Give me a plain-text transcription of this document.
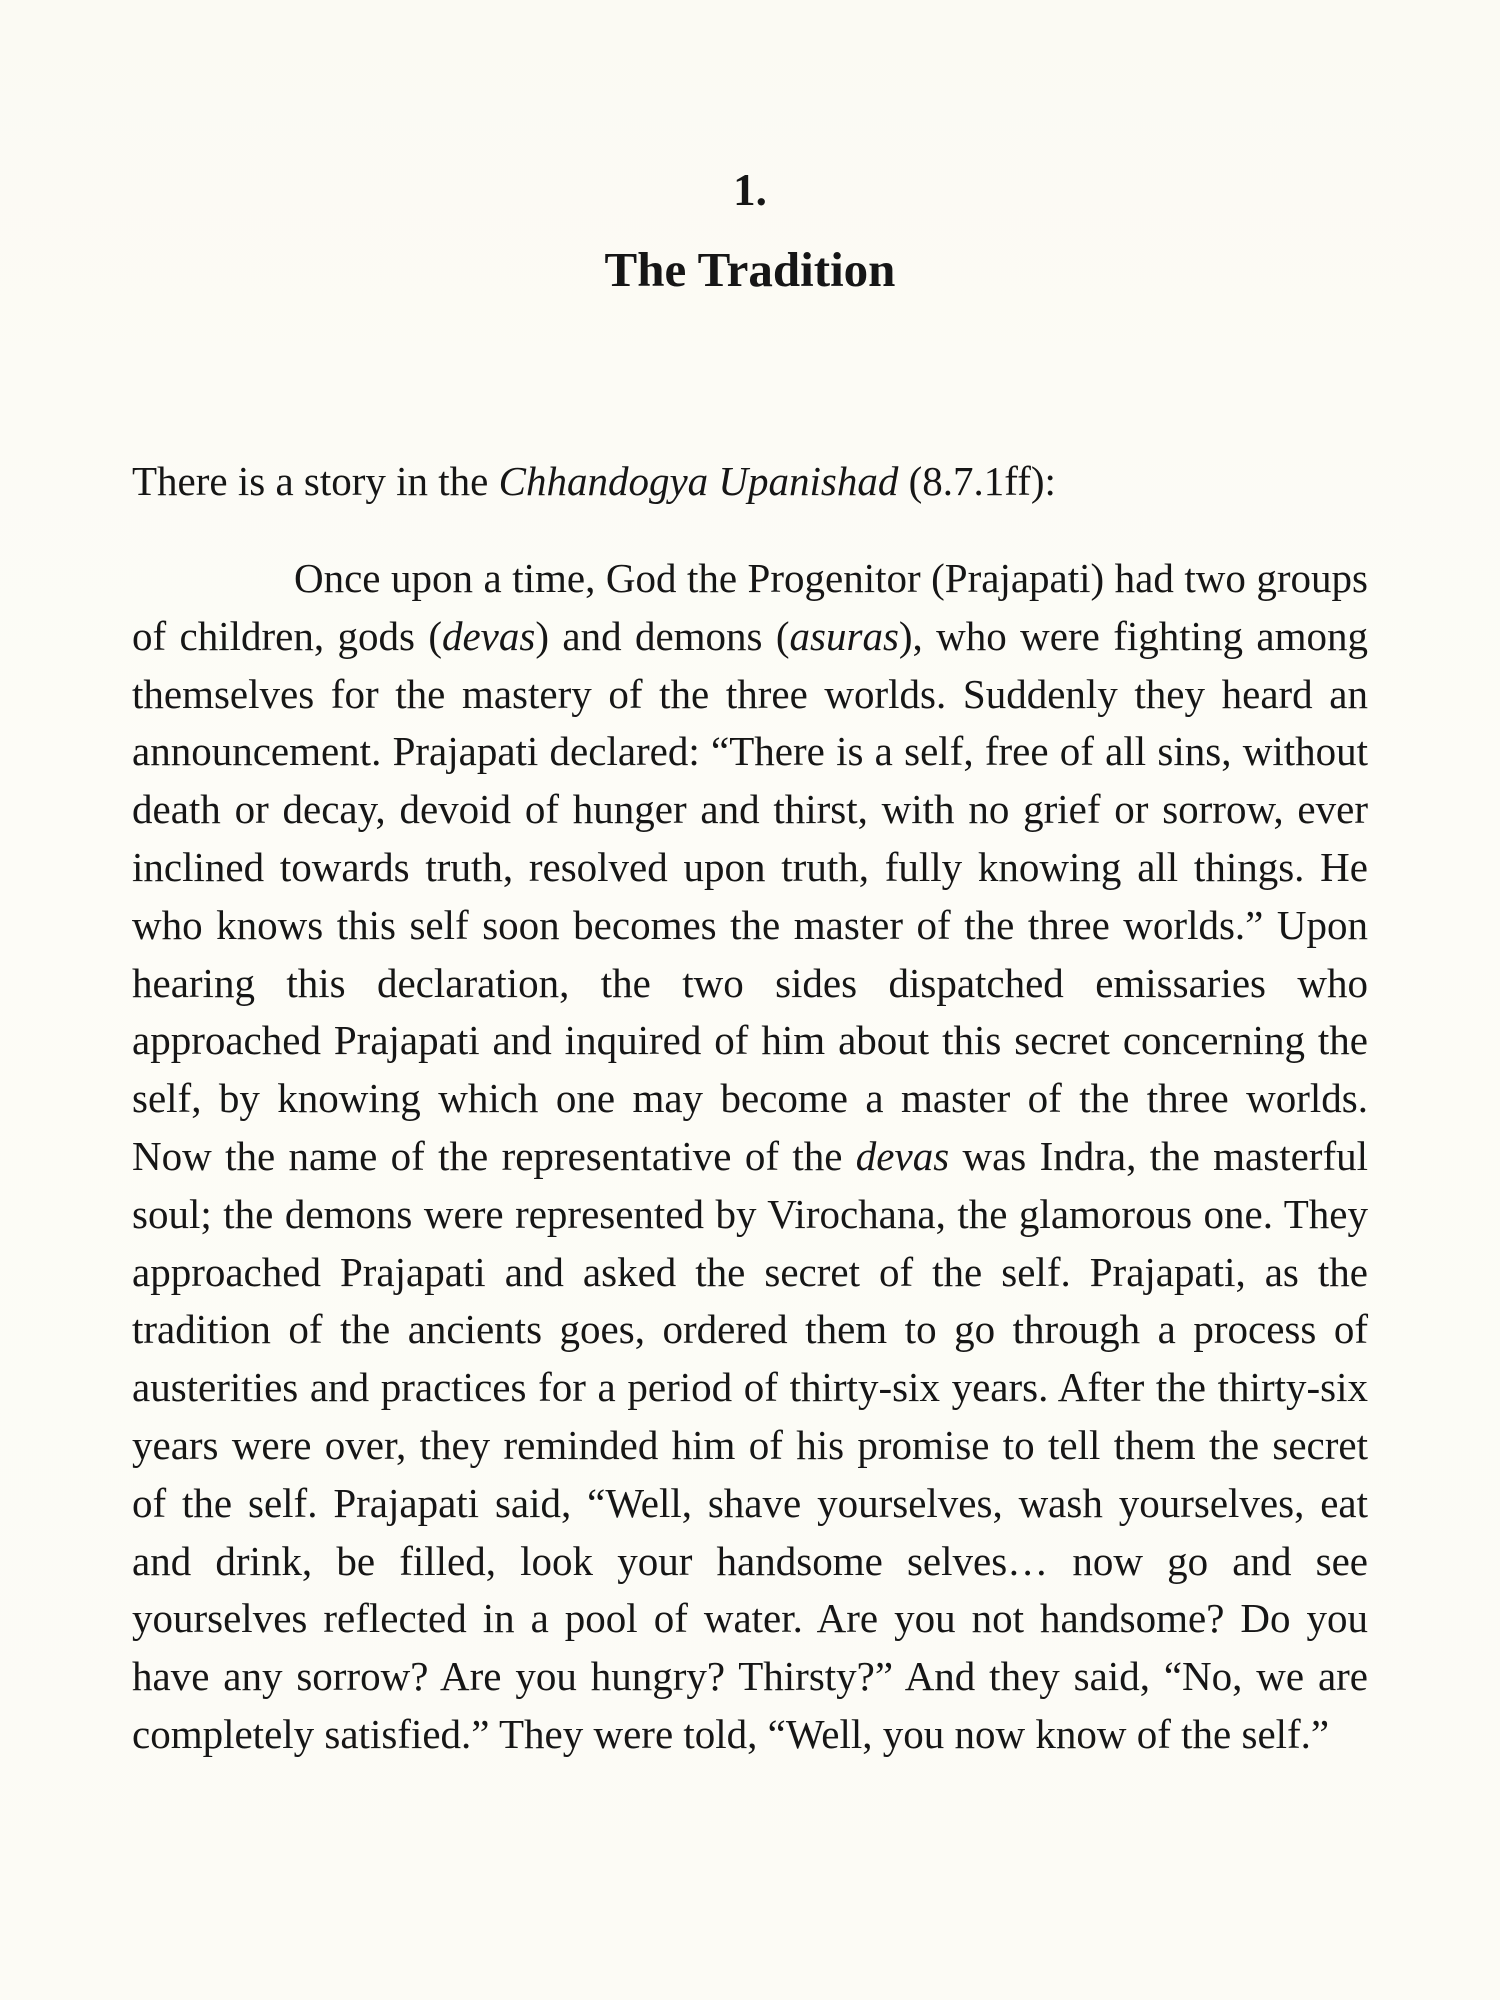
1.
The Tradition

There is a story in the Chhandogya Upanishad (8.7.1ff):

Once upon a time, God the Progenitor (Prajapati) had two groups of children, gods (devas) and demons (asuras), who were fighting among themselves for the mastery of the three worlds. Suddenly they heard an announcement. Prajapati declared: “There is a self, free of all sins, without death or decay, devoid of hunger and thirst, with no grief or sorrow, ever inclined towards truth, resolved upon truth, fully knowing all things. He who knows this self soon becomes the master of the three worlds.” Upon hearing this declaration, the two sides dispatched emissaries who approached Prajapati and inquired of him about this secret concerning the self, by knowing which one may become a master of the three worlds. Now the name of the representative of the devas was Indra, the masterful soul; the demons were represented by Virochana, the glamorous one. They approached Prajapati and asked the secret of the self. Prajapati, as the tradition of the ancients goes, ordered them to go through a process of austerities and practices for a period of thirty-six years. After the thirty-six years were over, they reminded him of his promise to tell them the secret of the self. Prajapati said, “Well, shave yourselves, wash yourselves, eat and drink, be filled, look your handsome selves… now go and see yourselves reflected in a pool of water. Are you not handsome? Do you have any sorrow? Are you hungry? Thirsty?” And they said, “No, we are completely satisfied.” They were told, “Well, you now know of the self.”
